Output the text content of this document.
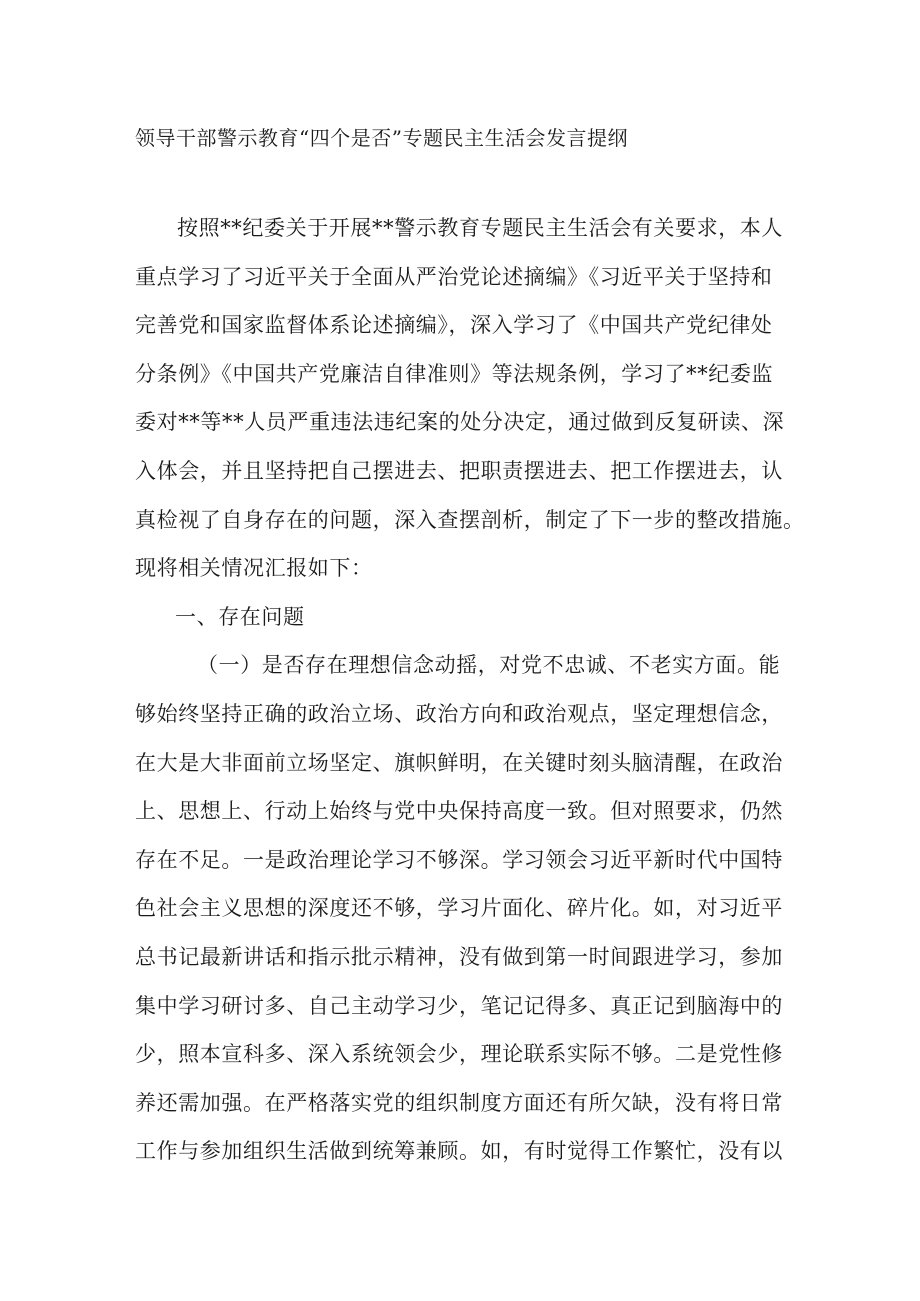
领导干部警示教育“四个是否”专题民主生活会发言提纲
按照**纪委关于开展**警示教育专题民主生活会有关要求，本人
重点学习了习近平关于全面从严治党论述摘编》《习近平关于坚持和
完善党和国家监督体系论述摘编》，深入学习了《中国共产党纪律处
分条例》《中国共产党廉洁自律准则》等法规条例，学习了**纪委监
委对**等**人员严重违法违纪案的处分决定，通过做到反复研读、深
入体会，并且坚持把自己摆进去、把职责摆进去、把工作摆进去，认
真检视了自身存在的问题，深入查摆剖析，制定了下一步的整改措施。
现将相关情况汇报如下：
一、存在问题
（一）是否存在理想信念动摇，对党不忠诚、不老实方面。能
够始终坚持正确的政治立场、政治方向和政治观点，坚定理想信念，
在大是大非面前立场坚定、旗帜鲜明，在关键时刻头脑清醒，在政治
上、思想上、行动上始终与党中央保持高度一致。但对照要求，仍然
存在不足。一是政治理论学习不够深。学习领会习近平新时代中国特
色社会主义思想的深度还不够，学习片面化、碎片化。如，对习近平
总书记最新讲话和指示批示精神，没有做到第一时间跟进学习，参加
集中学习研讨多、自己主动学习少，笔记记得多、真正记到脑海中的
少，照本宣科多、深入系统领会少，理论联系实际不够。二是党性修
养还需加强。在严格落实党的组织制度方面还有所欠缺，没有将日常
工作与参加组织生活做到统筹兼顾。如，有时觉得工作繁忙，没有以
